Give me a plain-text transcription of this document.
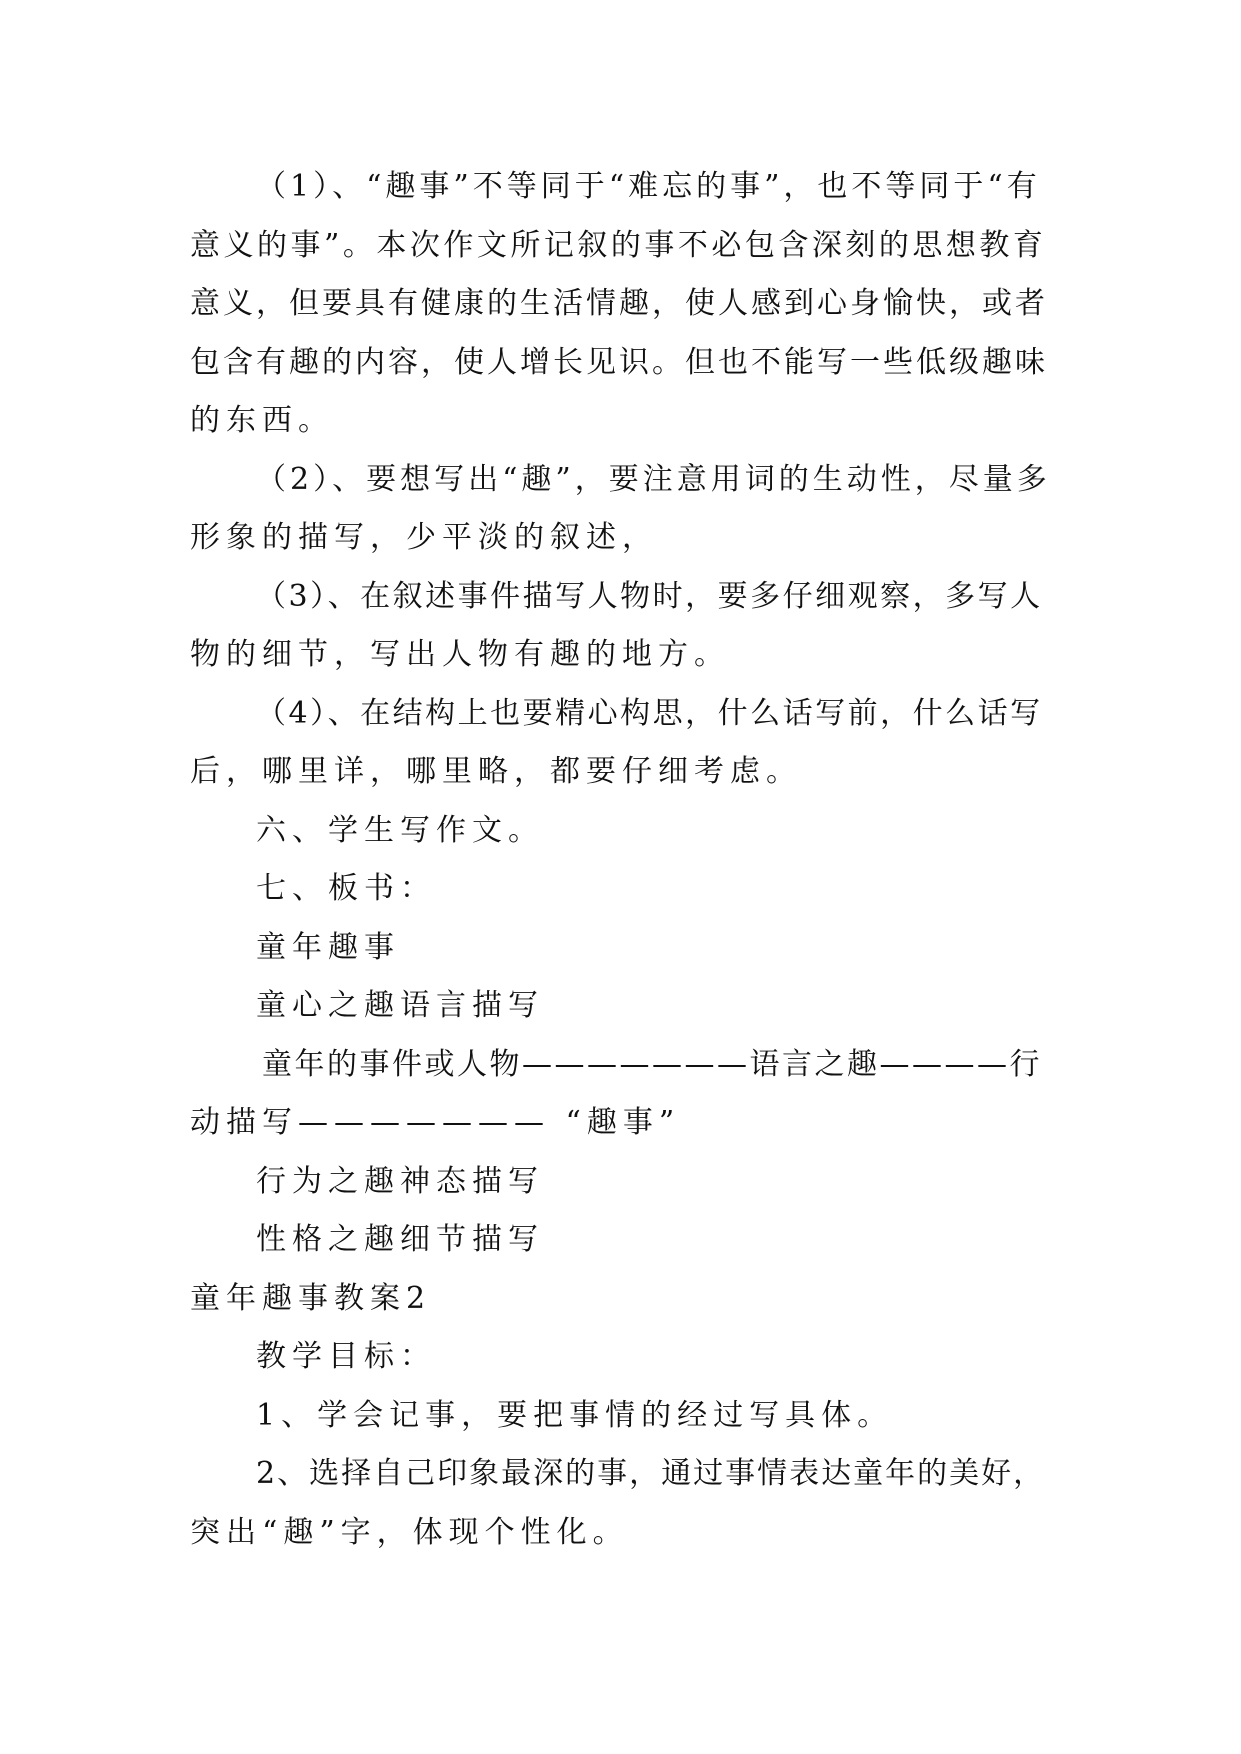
（1）、“趣事”不等同于“难忘的事”，也不等同于“有

意义的事”。本次作文所记叙的事不必包含深刻的思想教育

意义，但要具有健康的生活情趣，使人感到心身愉快，或者

包含有趣的内容，使人增长见识。但也不能写一些低级趣味

的东西。

（2）、要想写出“趣”，要注意用词的生动性，尽量多

形象的描写，少平淡的叙述，

（3）、在叙述事件描写人物时，要多仔细观察，多写人

物的细节，写出人物有趣的地方。

（4）、在结构上也要精心构思，什么话写前，什么话写

后，哪里详，哪里略，都要仔细考虑。

六、学生写作文。

七、板书：

童年趣事

童心之趣语言描写

童年的事件或人物———————语言之趣————行

动描写——————— “趣事”

行为之趣神态描写

性格之趣细节描写

童年趣事教案2

教学目标：

1、学会记事，要把事情的经过写具体。

2、选择自己印象最深的事，通过事情表达童年的美好，

突出“趣”字，体现个性化。
